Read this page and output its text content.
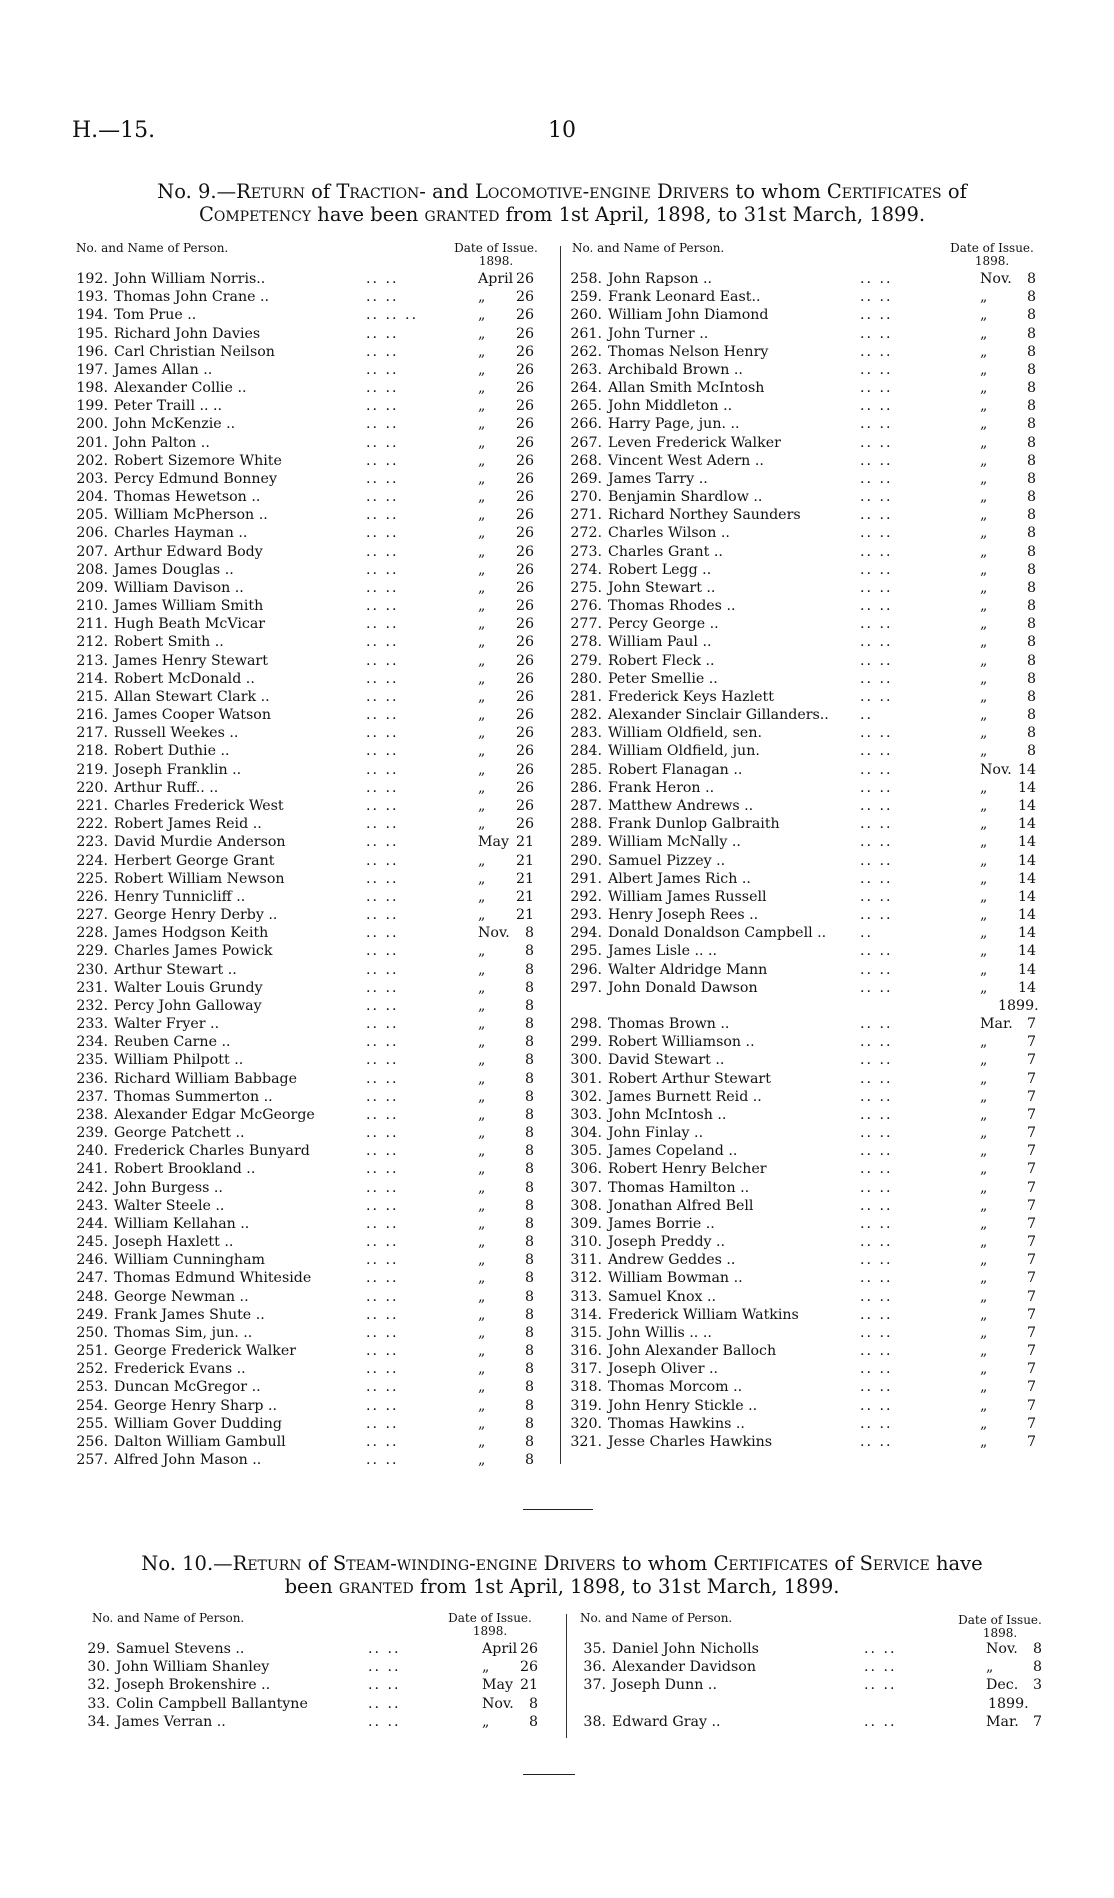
H.—15.	10
No. 9.—Return of Traction- and Locomotive-engine Drivers to whom Certificates of
Competency have been granted from 1st April, 1898, to 31st March, 1899.
No. and Name of Person.	Date of Issue.
1898.
No. and Name of Person.	Date of Issue.
1898.
192. John William Norris..	.. ..	April 26
193. Thomas John Crane ..	.. ..	„	26
194. Tom Prue ..	.. .. ..	„	26
195. Richard John Davies	.. ..	„	26
196. Carl Christian Neilson	.. ..	„	26
197. James Allan ..	.. ..	„	26
198. Alexander Collie ..	.. ..	„	26
199. Peter Traill .. ..	.. ..	„	26
200. John McKenzie ..	.. ..	„	26
201. John Palton ..	.. ..	„	26
202. Robert Sizemore White	.. ..	„	26
203. Percy Edmund Bonney	.. ..	„	26
204. Thomas Hewetson ..	.. ..	„	26
205. William McPherson ..	.. ..	„	26
206. Charles Hayman ..	.. ..	„	26
207. Arthur Edward Body	.. ..	„	26
208. James Douglas ..	.. ..	„	26
209. William Davison ..	.. ..	„	26
210. James William Smith	.. ..	„	26
211. Hugh Beath McVicar	.. ..	„	26
212. Robert Smith ..	.. ..	„	26
213. James Henry Stewart	.. ..	„	26
214. Robert McDonald ..	.. ..	„	26
215. Allan Stewart Clark ..	.. ..	„	26
216. James Cooper Watson	.. ..	„	26
217. Russell Weekes ..	.. ..	„	26
218. Robert Duthie ..	.. ..	„	26
219. Joseph Franklin ..	.. ..	„	26
220. Arthur Ruff.. ..	.. ..	„	26
221. Charles Frederick West	.. ..	„	26
222. Robert James Reid ..	.. ..	„	26
223. David Murdie Anderson	.. ..	May 21
224. Herbert George Grant	.. ..	„	21
225. Robert William Newson	.. ..	„	21
226. Henry Tunnicliff ..	.. ..	„	21
227. George Henry Derby ..	.. ..	„	21
228. James Hodgson Keith	.. ..	Nov.	8
229. Charles James Powick	.. ..	„	8
230. Arthur Stewart ..	.. ..	„	8
231. Walter Louis Grundy	.. ..	„	8
232. Percy John Galloway	.. ..	„	8
233. Walter Fryer ..	.. ..	„	8
234. Reuben Carne ..	.. ..	„	8
235. William Philpott ..	.. ..	„	8
236. Richard William Babbage	.. ..	„	8
237. Thomas Summerton ..	.. ..	„	8
238. Alexander Edgar McGeorge	.. ..	„	8
239. George Patchett ..	.. ..	„	8
240. Frederick Charles Bunyard	.. ..	„	8
241. Robert Brookland ..	.. ..	„	8
242. John Burgess ..	.. ..	„	8
243. Walter Steele ..	.. ..	„	8
244. William Kellahan ..	.. ..	„	8
245. Joseph Haxlett ..	.. ..	„	8
246. William Cunningham	.. ..	„	8
247. Thomas Edmund Whiteside	.. ..	„	8
248. George Newman ..	.. ..	„	8
249. Frank James Shute ..	.. ..	„	8
250. Thomas Sim, jun. ..	.. ..	„	8
251. George Frederick Walker	.. ..	„	8
252. Frederick Evans ..	.. ..	„	8
253. Duncan McGregor ..	.. ..	„	8
254. George Henry Sharp ..	.. ..	„	8
255. William Gover Dudding	.. ..	„	8
256. Dalton William Gambull	.. ..	„	8
257. Alfred John Mason ..	.. ..	„	8
258. John Rapson ..	.. ..	Nov.	8
259. Frank Leonard East..	.. ..	„	8
260. William John Diamond	.. ..	„	8
261. John Turner ..	.. ..	„	8
262. Thomas Nelson Henry	.. ..	„	8
263. Archibald Brown ..	.. ..	„	8
264. Allan Smith McIntosh	.. ..	„	8
265. John Middleton ..	.. ..	„	8
266. Harry Page, jun. ..	.. ..	„	8
267. Leven Frederick Walker	.. ..	„	8
268. Vincent West Adern ..	.. ..	„	8
269. James Tarry ..	.. ..	„	8
270. Benjamin Shardlow ..	.. ..	„	8
271. Richard Northey Saunders	.. ..	„	8
272. Charles Wilson ..	.. ..	„	8
273. Charles Grant ..	.. ..	„	8
274. Robert Legg ..	.. ..	„	8
275. John Stewart ..	.. ..	„	8
276. Thomas Rhodes ..	.. ..	„	8
277. Percy George ..	.. ..	„	8
278. William Paul ..	.. ..	„	8
279. Robert Fleck ..	.. ..	„	8
280. Peter Smellie ..	.. ..	„	8
281. Frederick Keys Hazlett	.. ..	„	8
282. Alexander Sinclair Gillanders.. ..	„	8
283. William Oldfield, sen.	.. ..	„	8
284. William Oldfield, jun.	.. ..	„	8
285. Robert Flanagan ..	.. ..	Nov. 14
286. Frank Heron ..	.. ..	„	14
287. Matthew Andrews ..	.. ..	„	14
288. Frank Dunlop Galbraith	.. ..	„	14
289. William McNally ..	.. ..	„	14
290. Samuel Pizzey ..	.. ..	„	14
291. Albert James Rich ..	.. ..	„	14
292. William James Russell	.. ..	„	14
293. Henry Joseph Rees ..	.. ..	„	14
294. Donald Donaldson Campbell .. ..	„	14
295. James Lisle .. ..	.. ..	„	14
296. Walter Aldridge Mann	.. ..	„	14
297. John Donald Dawson	.. ..	„	14
1899.
298. Thomas Brown ..	.. ..	Mar.	7
299. Robert Williamson ..	.. ..	„	7
300. David Stewart ..	.. ..	„	7
301. Robert Arthur Stewart	.. ..	„	7
302. James Burnett Reid ..	.. ..	„	7
303. John McIntosh ..	.. ..	„	7
304. John Finlay ..	.. ..	„	7
305. James Copeland ..	.. ..	„	7
306. Robert Henry Belcher	.. ..	„	7
307. Thomas Hamilton ..	.. ..	„	7
308. Jonathan Alfred Bell	.. ..	„	7
309. James Borrie ..	.. ..	„	7
310. Joseph Preddy ..	.. ..	„	7
311. Andrew Geddes ..	.. ..	„	7
312. William Bowman ..	.. ..	„	7
313. Samuel Knox ..	.. ..	„	7
314. Frederick William Watkins	.. ..	„	7
315. John Willis .. ..	.. ..	„	7
316. John Alexander Balloch	.. ..	„	7
317. Joseph Oliver ..	.. ..	„	7
318. Thomas Morcom ..	.. ..	„	7
319. John Henry Stickle ..	.. ..	„	7
320. Thomas Hawkins ..	.. ..	„	7
321. Jesse Charles Hawkins	.. ..	„	7
No. 10.—Return of Steam-winding-engine Drivers to whom Certificates of Service have
been granted from 1st April, 1898, to 31st March, 1899.
No. and Name of Person.	Date of Issue.
1898.
No. and Name of Person.	Date of Issue.
1898.
29. Samuel Stevens ..	.. ..	April 26
30. John William Shanley	.. ..	„	26
32. Joseph Brokenshire ..	.. ..	May 21
33. Colin Campbell Ballantyne	.. ..	Nov.	8
34. James Verran ..	.. ..	„	8
35. Daniel John Nicholls	.. ..	Nov.	8
36. Alexander Davidson	.. ..	„	8
37. Joseph Dunn ..	.. ..	Dec.	3
1899.
38. Edward Gray ..	.. ..	Mar.	7
